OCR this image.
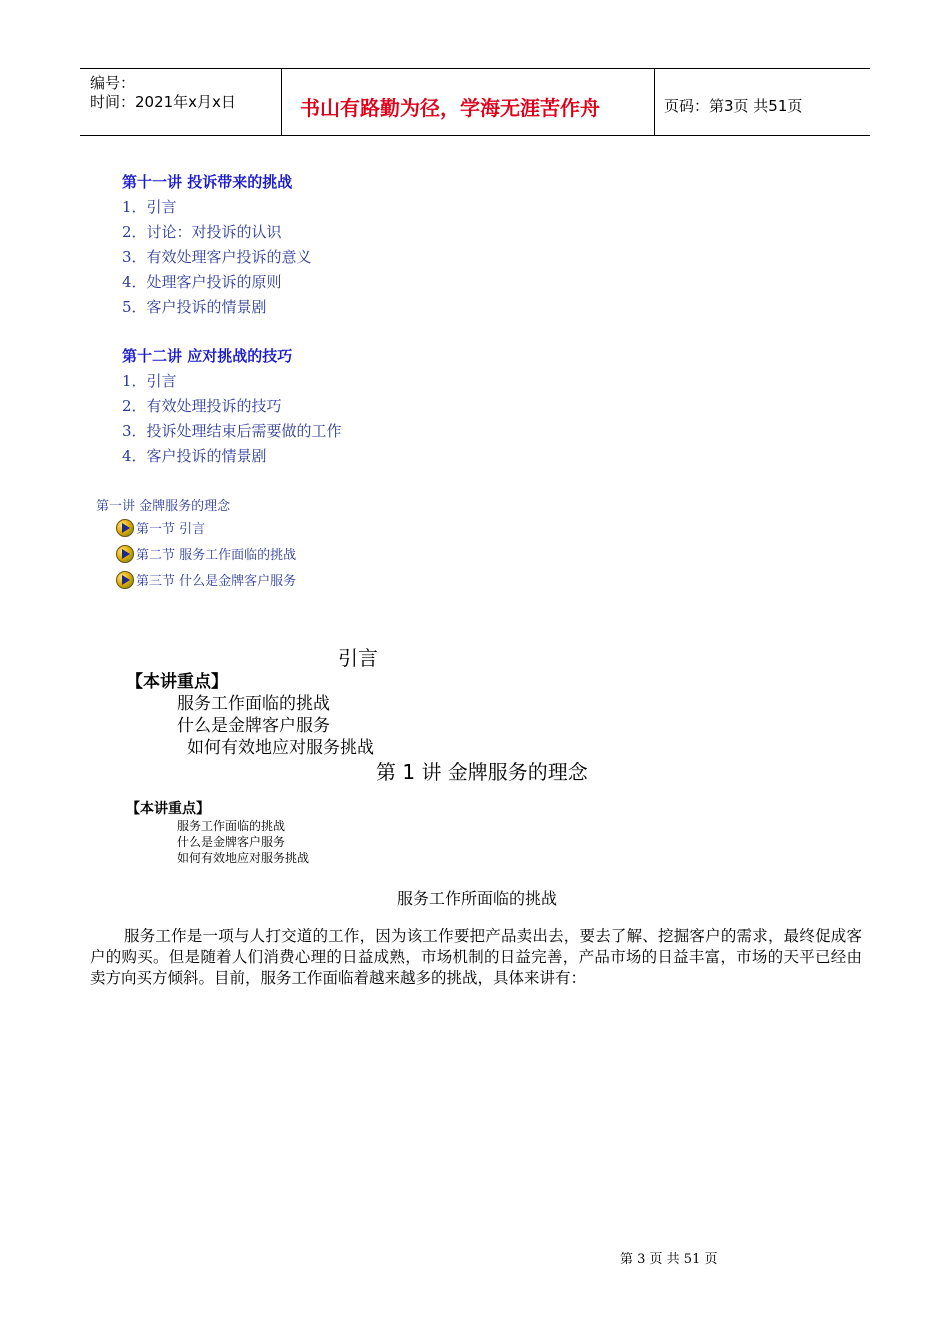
编号：
时间：2021年x月x日	书山有路勤为径，学海无涯苦作舟	页码：第3页 共51页
第十一讲 投诉带来的挑战
1．引言
2．讨论：对投诉的认识
3．有效处理客户投诉的意义
4．处理客户投诉的原则
5．客户投诉的情景剧
第十二讲 应对挑战的技巧
1．引言
2．有效处理投诉的技巧
3．投诉处理结束后需要做的工作
4．客户投诉的情景剧
第一讲 金牌服务的理念
第一节 引言
第二节 服务工作面临的挑战
第三节 什么是金牌客户服务
引言
【本讲重点】
服务工作面临的挑战
什么是金牌客户服务
如何有效地应对服务挑战
第 1 讲 金牌服务的理念
【本讲重点】
服务工作面临的挑战
什么是金牌客户服务
如何有效地应对服务挑战
服务工作所面临的挑战
服务工作是一项与人打交道的工作，因为该工作要把产品卖出去，要去了解、挖掘客户的需求，最终促成客户的购买。但是随着人们消费心理的日益成熟，市场机制的日益完善，产品市场的日益丰富，市场的天平已经由卖方向买方倾斜。目前，服务工作面临着越来越多的挑战，具体来讲有：
第 3 页 共 51 页
